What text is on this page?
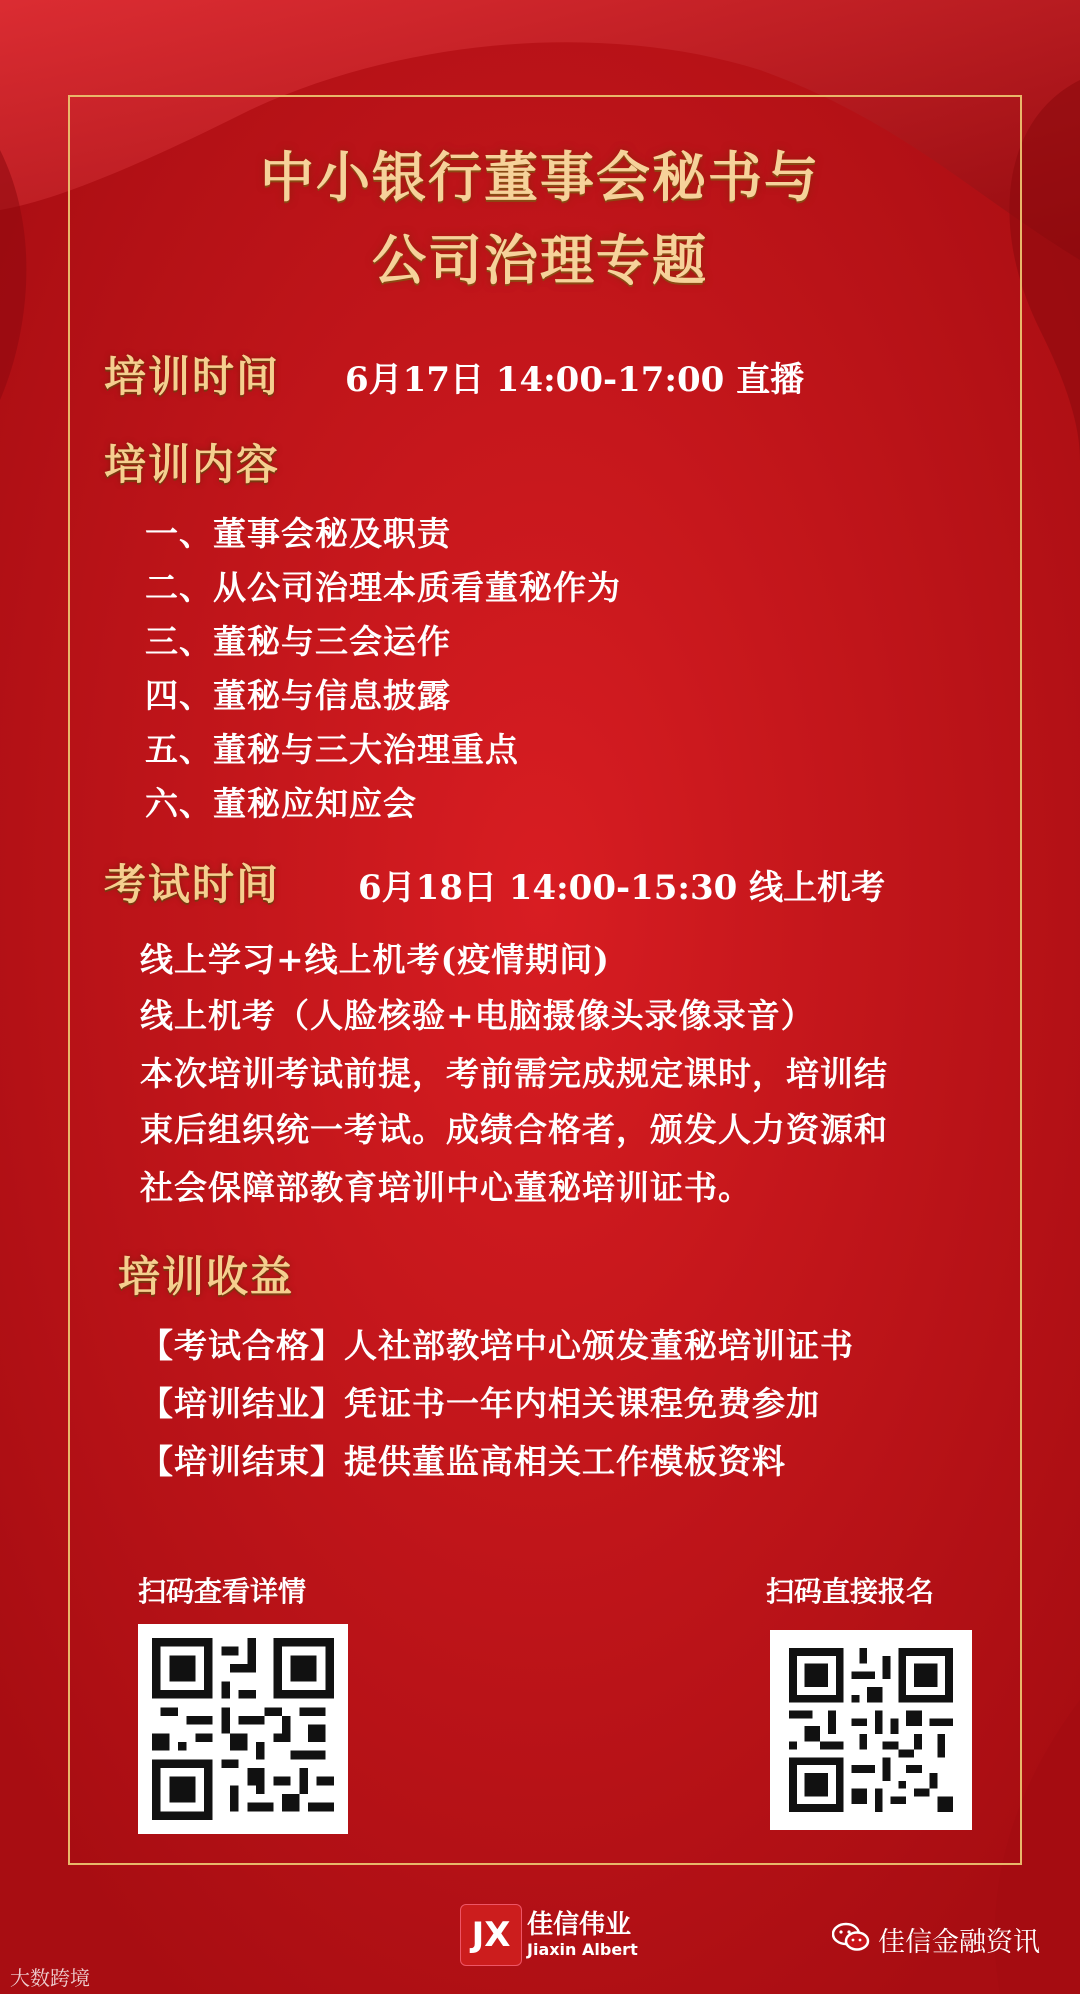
中小银行董事会秘书与
公司治理专题
培训时间 6月17日 14:00-17:00 直播
培训内容
一、董事会秘及职责
二、从公司治理本质看董秘作为
三、董秘与三会运作
四、董秘与信息披露
五、董秘与三大治理重点
六、董秘应知应会
考试时间 6月18日 14:00-15:30 线上机考
线上学习+线上机考(疫情期间)
线上机考（人脸核验+电脑摄像头录像录音）
本次培训考试前提，考前需完成规定课时，培训结
束后组织统一考试。成绩合格者，颁发人力资源和
社会保障部教育培训中心董秘培训证书。
培训收益
【考试合格】人社部教培中心颁发董秘培训证书
【培训结业】凭证书一年内相关课程免费参加
【培训结束】提供董监高相关工作模板资料
扫码查看详情	扫码直接报名
JX 佳信伟业
Jiaxin Albert	佳信金融资讯
大数跨境
